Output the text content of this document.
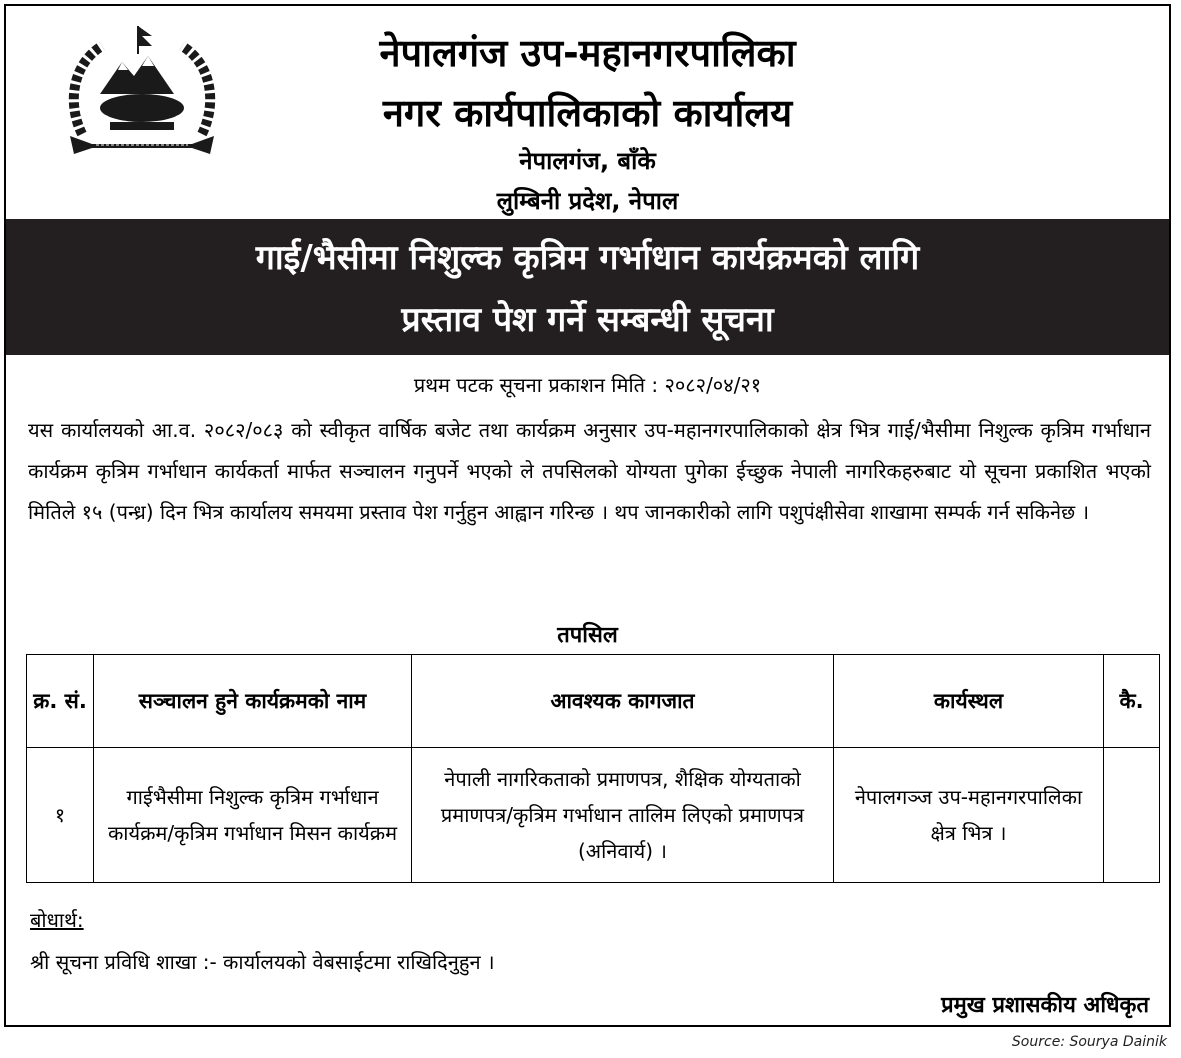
नेपालगंज उप-महानगरपालिका
नगर कार्यपालिकाको कार्यालय
नेपालगंज, बाँके
लुम्बिनी प्रदेश, नेपाल
गाई/भैसीमा निशुल्क कृत्रिम गर्भाधान कार्यक्रमको लागि
प्रस्ताव पेश गर्ने सम्बन्धी सूचना
प्रथम पटक सूचना प्रकाशन मिति : २०८२/०४/२१
यस कार्यालयको आ.व. २०८२/०८३ को स्वीकृत वार्षिक बजेट तथा कार्यक्रम अनुसार उप-महानगरपालिकाको क्षेत्र भित्र गाई/भैसीमा निशुल्क कृत्रिम गर्भाधान कार्यक्रम कृत्रिम गर्भाधान कार्यकर्ता मार्फत सञ्चालन गनुपर्ने भएको ले तपसिलको योग्यता पुगेका ईच्छुक नेपाली नागरिकहरुबाट यो सूचना प्रकाशित भएको मितिले १५ (पन्ध्र) दिन भित्र कार्यालय समयमा प्रस्ताव पेश गर्नुहुन आह्वान गरिन्छ । थप जानकारीको लागि पशुपंक्षीसेवा शाखामा सम्पर्क गर्न सकिनेछ ।
तपसिल
क्र. सं.	सञ्चालन हुने कार्यक्रमको नाम	आवश्यक कागजात	कार्यस्थल	कै.
१	गाईभैसीमा निशुल्क कृत्रिम गर्भाधान कार्यक्रम/कृत्रिम गर्भाधान मिसन कार्यक्रम	नेपाली नागरिकताको प्रमाणपत्र, शैक्षिक योग्यताको प्रमाणपत्र/कृत्रिम गर्भाधान तालिम लिएको प्रमाणपत्र (अनिवार्य) ।	नेपालगञ्ज उप-महानगरपालिका क्षेत्र भित्र ।	
बोधार्थ:
श्री सूचना प्रविधि शाखा :- कार्यालयको वेबसाईटमा राखिदिनुहुन ।
प्रमुख प्रशासकीय अधिकृत
Source: Sourya Dainik
